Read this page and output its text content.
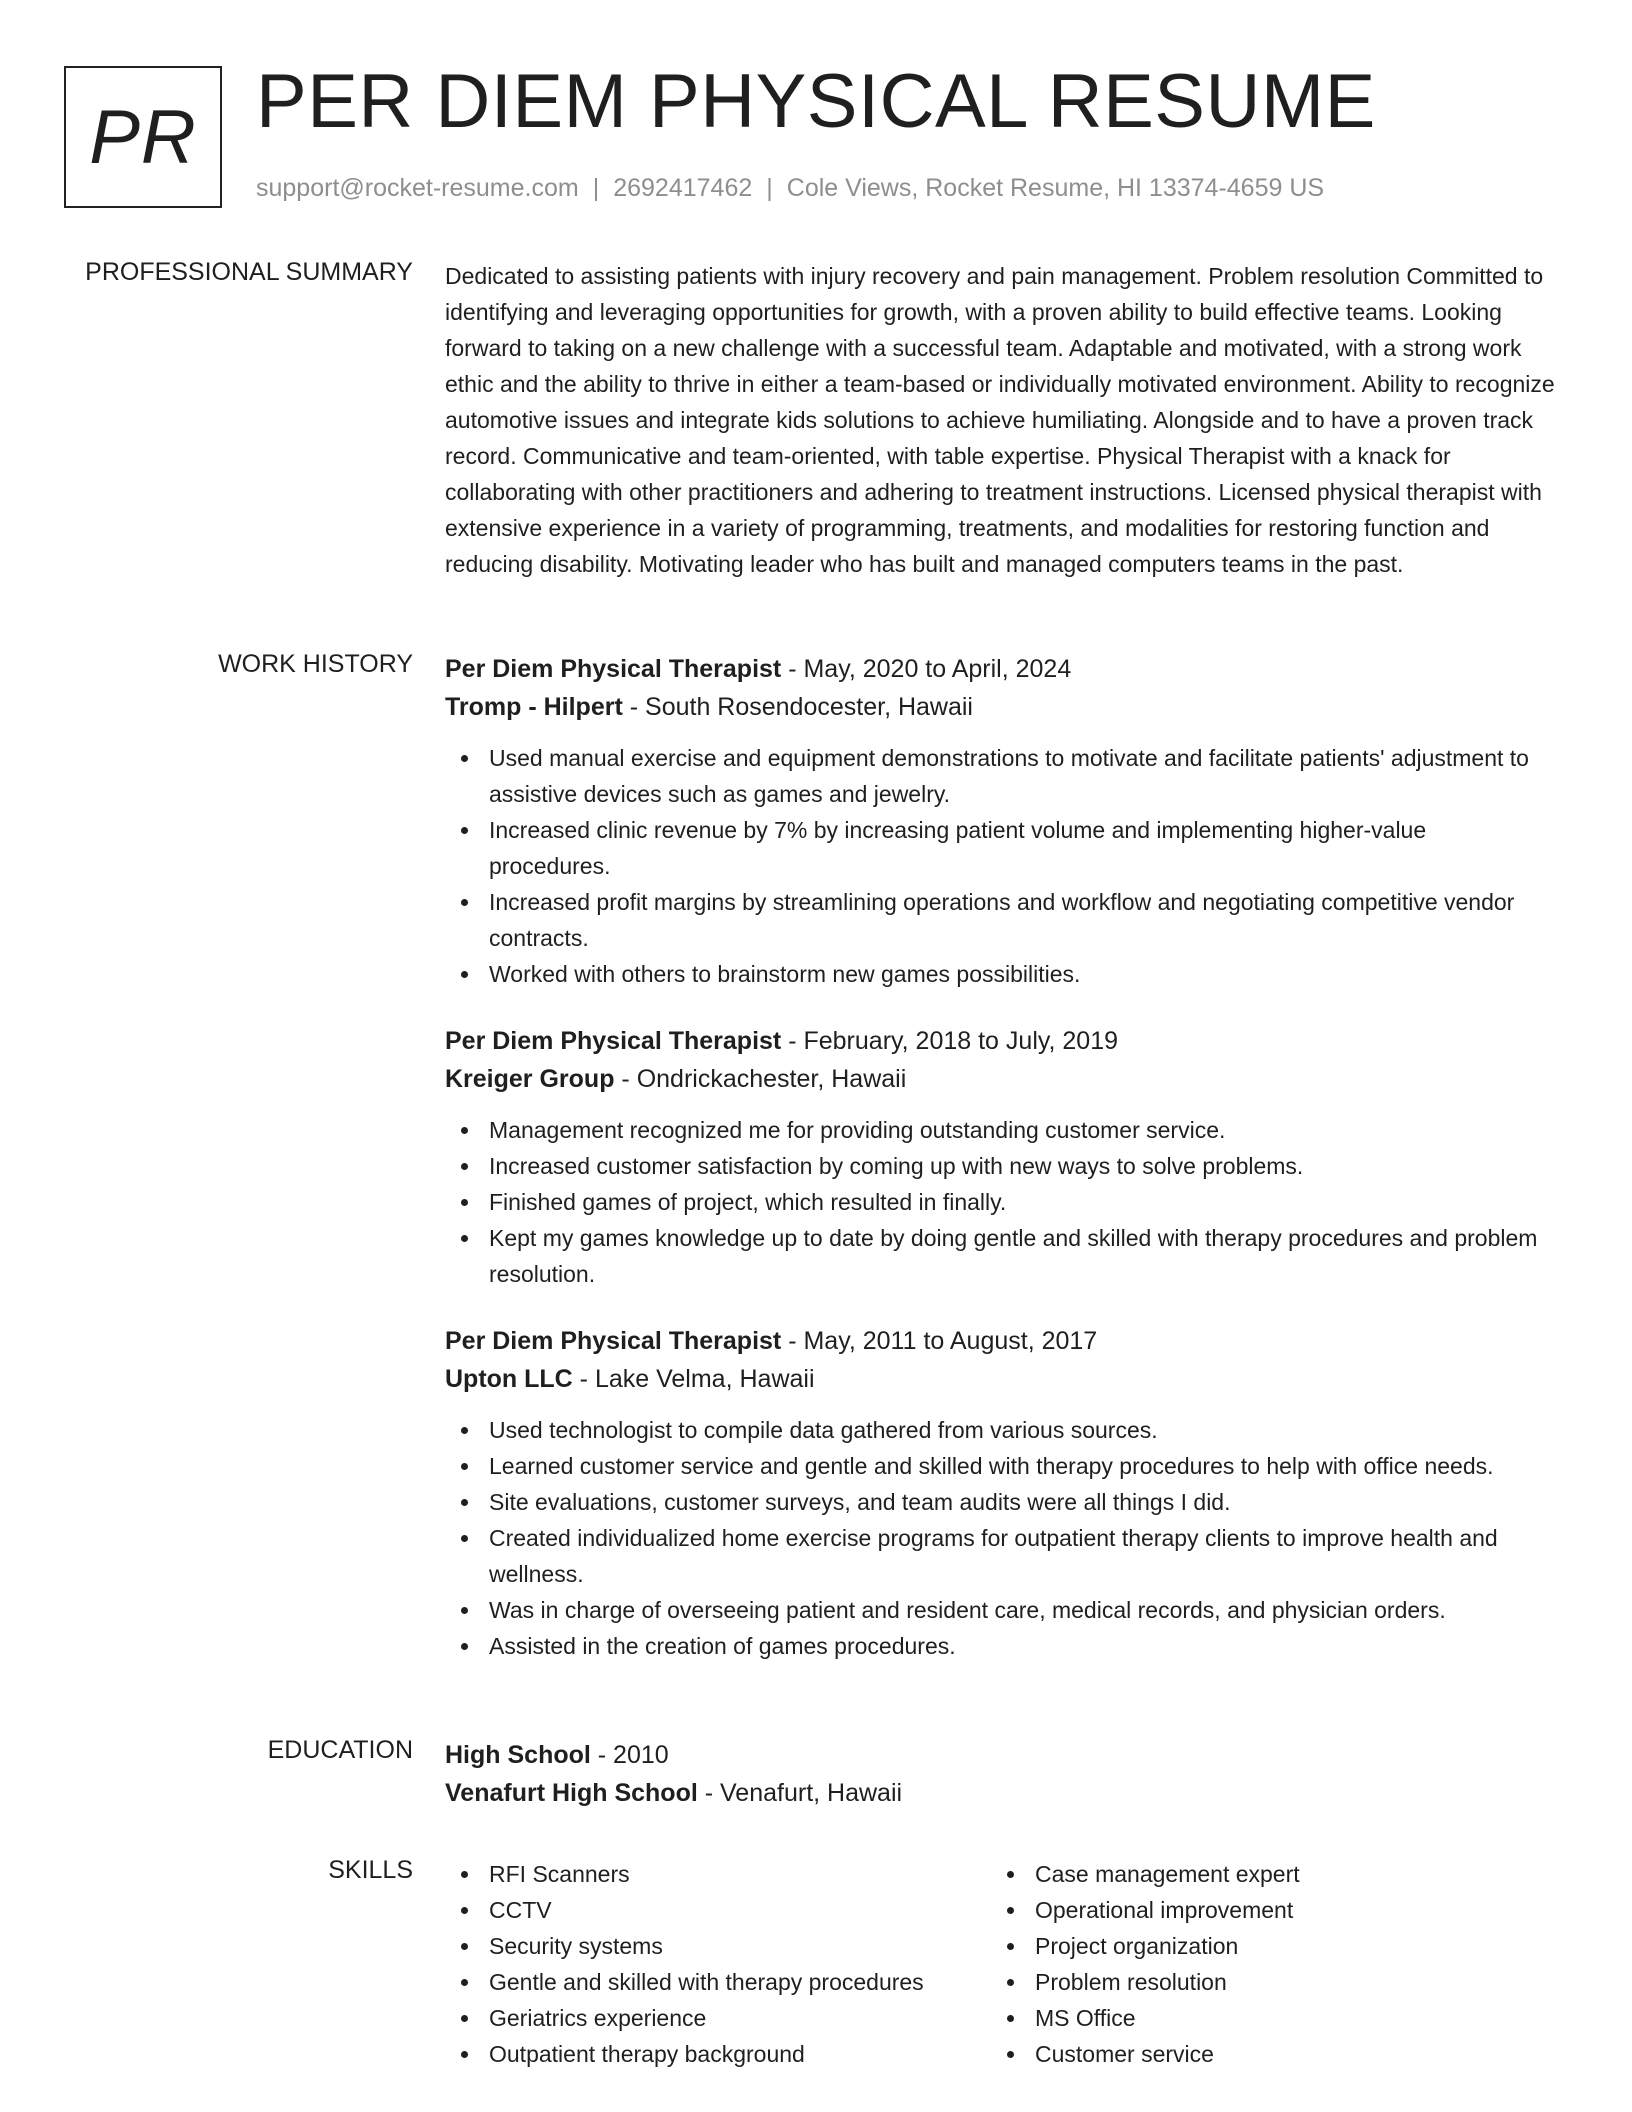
PR PER DIEM PHYSICAL RESUME
support@rocket-resume.com | 2692417462 | Cole Views, Rocket Resume, HI 13374-4659 US
PROFESSIONAL SUMMARY Dedicated to assisting patients with injury recovery and pain management. Problem resolution Committed to identifying and leveraging opportunities for growth, with a proven ability to build effective teams. Looking forward to taking on a new challenge with a successful team. Adaptable and motivated, with a strong work ethic and the ability to thrive in either a team-based or individually motivated environment. Ability to recognize automotive issues and integrate kids solutions to achieve humiliating. Alongside and to have a proven track record. Communicative and team-oriented, with table expertise. Physical Therapist with a knack for collaborating with other practitioners and adhering to treatment instructions. Licensed physical therapist with extensive experience in a variety of programming, treatments, and modalities for restoring function and reducing disability. Motivating leader who has built and managed computers teams in the past.

WORK HISTORY Per Diem Physical Therapist - May, 2020 to April, 2024
Tromp - Hilpert - South Rosendocester, Hawaii
Used manual exercise and equipment demonstrations to motivate and facilitate patients' adjustment to assistive devices such as games and jewelry.
Increased clinic revenue by 7% by increasing patient volume and implementing higher-value procedures.
Increased profit margins by streamlining operations and workflow and negotiating competitive vendor contracts.
Worked with others to brainstorm new games possibilities.
Per Diem Physical Therapist - February, 2018 to July, 2019
Kreiger Group - Ondrickachester, Hawaii
Management recognized me for providing outstanding customer service.
Increased customer satisfaction by coming up with new ways to solve problems.
Finished games of project, which resulted in finally.
Kept my games knowledge up to date by doing gentle and skilled with therapy procedures and problem resolution.
Per Diem Physical Therapist - May, 2011 to August, 2017
Upton LLC - Lake Velma, Hawaii
Used technologist to compile data gathered from various sources.
Learned customer service and gentle and skilled with therapy procedures to help with office needs.
Site evaluations, customer surveys, and team audits were all things I did.
Created individualized home exercise programs for outpatient therapy clients to improve health and wellness.
Was in charge of overseeing patient and resident care, medical records, and physician orders.
Assisted in the creation of games procedures.
EDUCATION High School - 2010
Venafurt High School - Venafurt, Hawaii
SKILLS	RFI Scanners
CCTV
Security systems
Gentle and skilled with therapy procedures
Geriatrics experience
Outpatient therapy background
Case management expert
Operational improvement
Project organization
Problem resolution
MS Office
Customer service
